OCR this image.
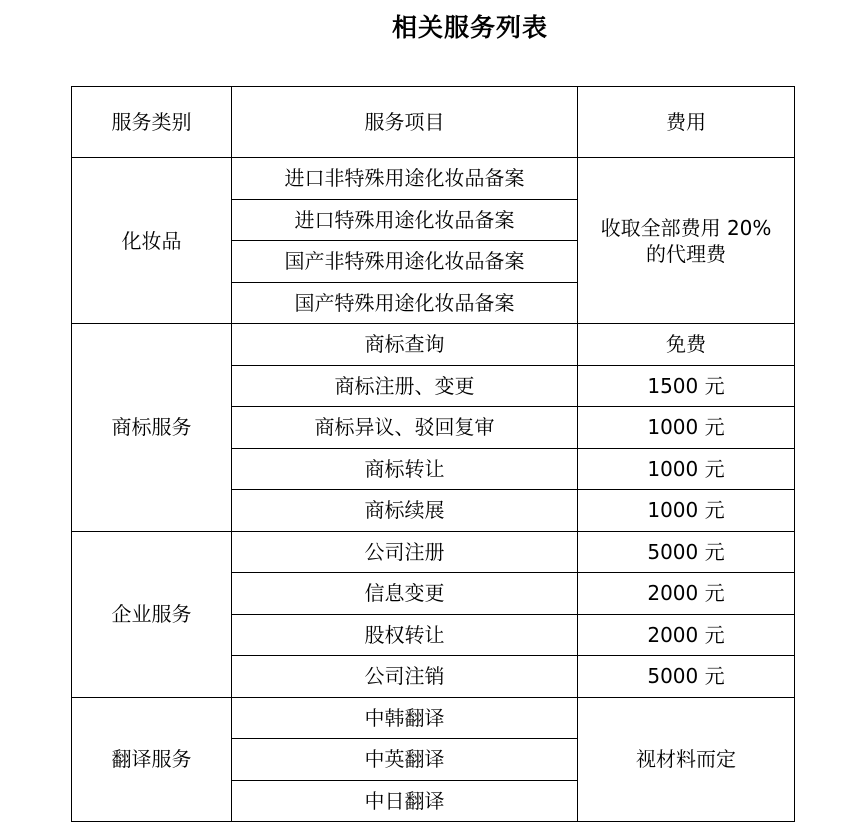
相关服务列表
服务类别	服务项目	费用
化妆品	进口非特殊用途化妆品备案	收取全部费用 20%
的代理费
	进口特殊用途化妆品备案	
	国产非特殊用途化妆品备案	
	国产特殊用途化妆品备案	
商标服务	商标查询	免费
	商标注册、变更	1500 元
	商标异议、驳回复审	1000 元
	商标转让	1000 元
	商标续展	1000 元
企业服务	公司注册	5000 元
	信息变更	2000 元
	股权转让	2000 元
	公司注销	5000 元
翻译服务	中韩翻译	视材料而定
	中英翻译	
	中日翻译	
